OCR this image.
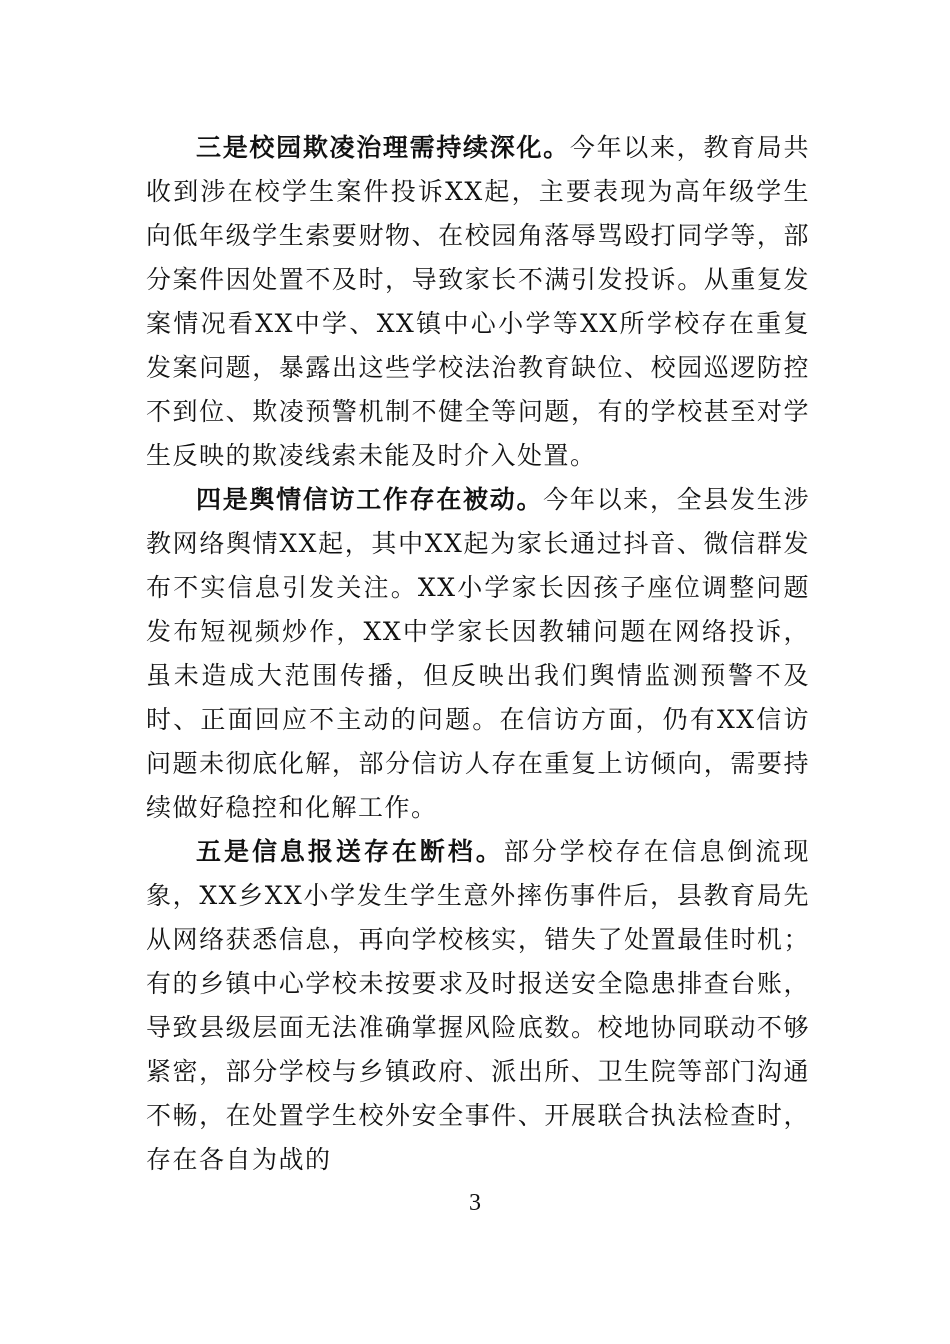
三是校园欺凌治理需持续深化。今年以来，教育局共收到涉在校学生案件投诉XX起，主要表现为高年级学生向低年级学生索要财物、在校园角落辱骂殴打同学等，部分案件因处置不及时，导致家长不满引发投诉。从重复发案情况看XX中学、XX镇中心小学等XX所学校存在重复发案问题，暴露出这些学校法治教育缺位、校园巡逻防控不到位、欺凌预警机制不健全等问题，有的学校甚至对学生反映的欺凌线索未能及时介入处置。

四是舆情信访工作存在被动。今年以来，全县发生涉教网络舆情XX起，其中XX起为家长通过抖音、微信群发布不实信息引发关注。XX小学家长因孩子座位调整问题发布短视频炒作，XX中学家长因教辅问题在网络投诉，虽未造成大范围传播，但反映出我们舆情监测预警不及时、正面回应不主动的问题。在信访方面，仍有XX信访问题未彻底化解，部分信访人存在重复上访倾向，需要持续做好稳控和化解工作。

五是信息报送存在断档。部分学校存在信息倒流现象，XX乡XX小学发生学生意外摔伤事件后，县教育局先从网络获悉信息，再向学校核实，错失了处置最佳时机；有的乡镇中心学校未按要求及时报送安全隐患排查台账，导致县级层面无法准确掌握风险底数。校地协同联动不够紧密，部分学校与乡镇政府、派出所、卫生院等部门沟通不畅，在处置学生校外安全事件、开展联合执法检查时，存在各自为战的

3
